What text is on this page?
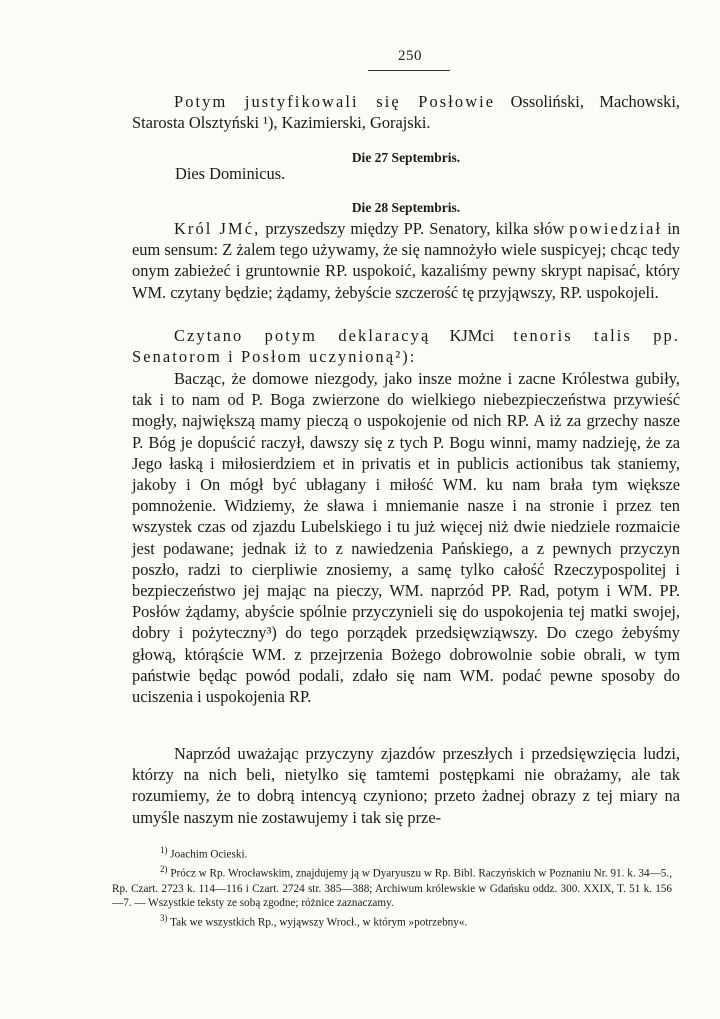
250

Potym justyfikowali się Posłowie Ossoliński, Machowski, Starosta Olsztyński ¹), Kazimierski, Gorajski.

Die 27 Septembris.
Dies Dominicus.
Die 28 Septembris.

Król JMć, przyszedszy między PP. Senatory, kilka słów powiedział in eum sensum: Z żalem tego używamy, że się namnożyło wiele suspicyej; chcąc tedy onym zabieżeć i gruntownie RP. uspokoić, kazaliśmy pewny skrypt napisać, który WM. czytany będzie; żądamy, żebyście szczerość tę przyjąwszy, RP. uspokojeli.

Czytano potym deklaracyą KJMci tenoris talis pp. Senatorom i Posłom uczynioną²):

Bacząc, że domowe niezgody, jako insze możne i zacne Królestwa gubiły, tak i to nam od P. Boga zwierzone do wielkiego niebezpieczeństwa przywieść mogły, największą mamy pieczą o uspokojenie od nich RP. A iż za grzechy nasze P. Bóg je dopuścić raczył, dawszy się z tych P. Bogu winni, mamy nadzieję, że za Jego łaską i miłosierdziem et in privatis et in publicis actionibus tak staniemy, jakoby i On mógł być ubłagany i miłość WM. ku nam brała tym większe pomnożenie. Widziemy, że sława i mniemanie nasze i na stronie i przez ten wszystek czas od zjazdu Lubelskiego i tu już więcej niż dwie niedziele rozmaicie jest podawane; jednak iż to z nawiedzenia Pańskiego, a z pewnych przyczyn poszło, radzi to cierpliwie znosiemy, a samę tylko całość Rzeczypospolitej i bezpieczeństwo jej mając na pieczy, WM. naprzód PP. Rad, potym i WM. PP. Posłów żądamy, abyście spólnie przyczynieli się do uspokojenia tej matki swojej, dobry i pożyteczny³) do tego porządek przedsięwziąwszy. Do czego żebyśmy głową, którąście WM. z przejrzenia Bożego dobrowolnie sobie obrali, w tym państwie będąc powód podali, zdało się nam WM. podać pewne sposoby do uciszenia i uspokojenia RP.

Naprzód uważając przyczyny zjazdów przeszłych i przedsięwzięcia ludzi, którzy na nich beli, nietylko się tamtemi postępkami nie obrażamy, ale tak rozumiemy, że to dobrą intencyą czyniono; przeto żadnej obrazy z tej miary na umyśle naszym nie zostawujemy i tak się prze-

$^{1)}$ Joachim Ocieski.

$^{2)}$ Prócz w Rp. Wrocławskim, znajdujemy ją w Dyaryuszu w Rp. Bibl. Raczyńskich w Poznaniu Nr. 91. k. 34—5., Rp. Czart. 2723 k. 114—116 i Czart. 2724 str. 385—388; Archiwum królewskie w Gdańsku oddz. 300. XXIX, T. 51 k. 156—7. — Wszystkie teksty ze sobą zgodne; różnice zaznaczamy.

$^{3)}$ Tak we wszystkich Rp., wyjąwszy Wrocł., w którym »potrzebny«.
